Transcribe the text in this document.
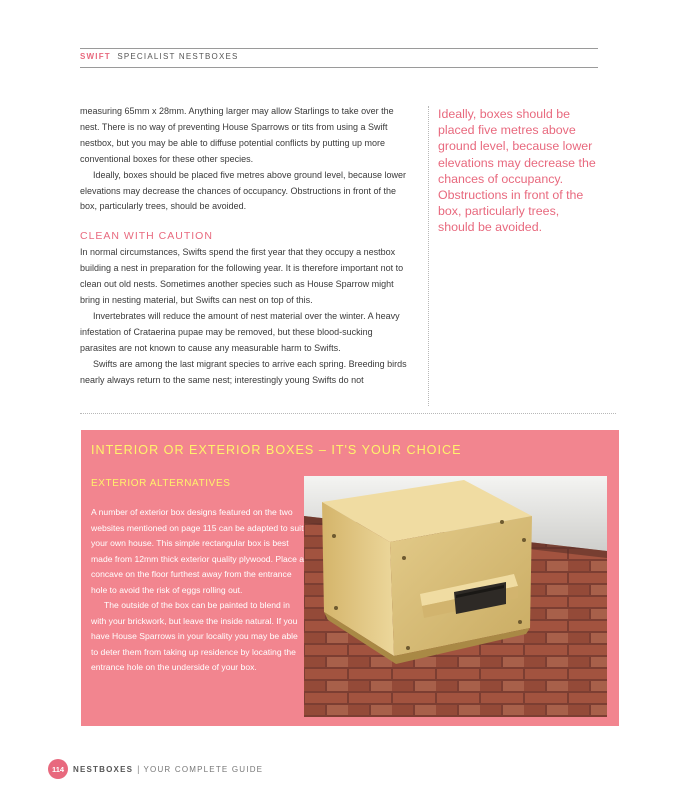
SWIFT SPECIALIST NESTBOXES

measuring 65mm x 28mm. Anything larger may allow Starlings to take over the nest. There is no way of preventing House Sparrows or tits from using a Swift nestbox, but you may be able to diffuse potential conflicts by putting up more conventional boxes for these other species.

Ideally, boxes should be placed five metres above ground level, because lower elevations may decrease the chances of occupancy. Obstructions in front of the box, particularly trees, should be avoided.

CLEAN WITH CAUTION

In normal circumstances, Swifts spend the first year that they occupy a nestbox building a nest in preparation for the following year. It is therefore important not to clean out old nests. Sometimes another species such as House Sparrow might bring in nesting material, but Swifts can nest on top of this.

Invertebrates will reduce the amount of nest material over the winter. A heavy infestation of Crataerina pupae may be removed, but these blood-sucking parasites are not known to cause any measurable harm to Swifts.

Swifts are among the last migrant species to arrive each spring. Breeding birds nearly always return to the same nest; interestingly young Swifts do not

Ideally, boxes should be placed five metres above ground level, because lower elevations may decrease the chances of occupancy. Obstructions in front of the box, particularly trees, should be avoided.
INTERIOR OR EXTERIOR BOXES – IT'S YOUR CHOICE
EXTERIOR ALTERNATIVES

A number of exterior box designs featured on the two websites mentioned on page 115 can be adapted to suit your own house. This simple rectangular box is best made from 12mm thick exterior quality plywood. Place a concave on the floor furthest away from the entrance hole to avoid the risk of eggs rolling out.

The outside of the box can be painted to blend in with your brickwork, but leave the inside natural. If you have House Sparrows in your locality you may be able to deter them from taking up residence by locating the entrance hole on the underside of your box.

114	NESTBOXES | YOUR COMPLETE GUIDE
